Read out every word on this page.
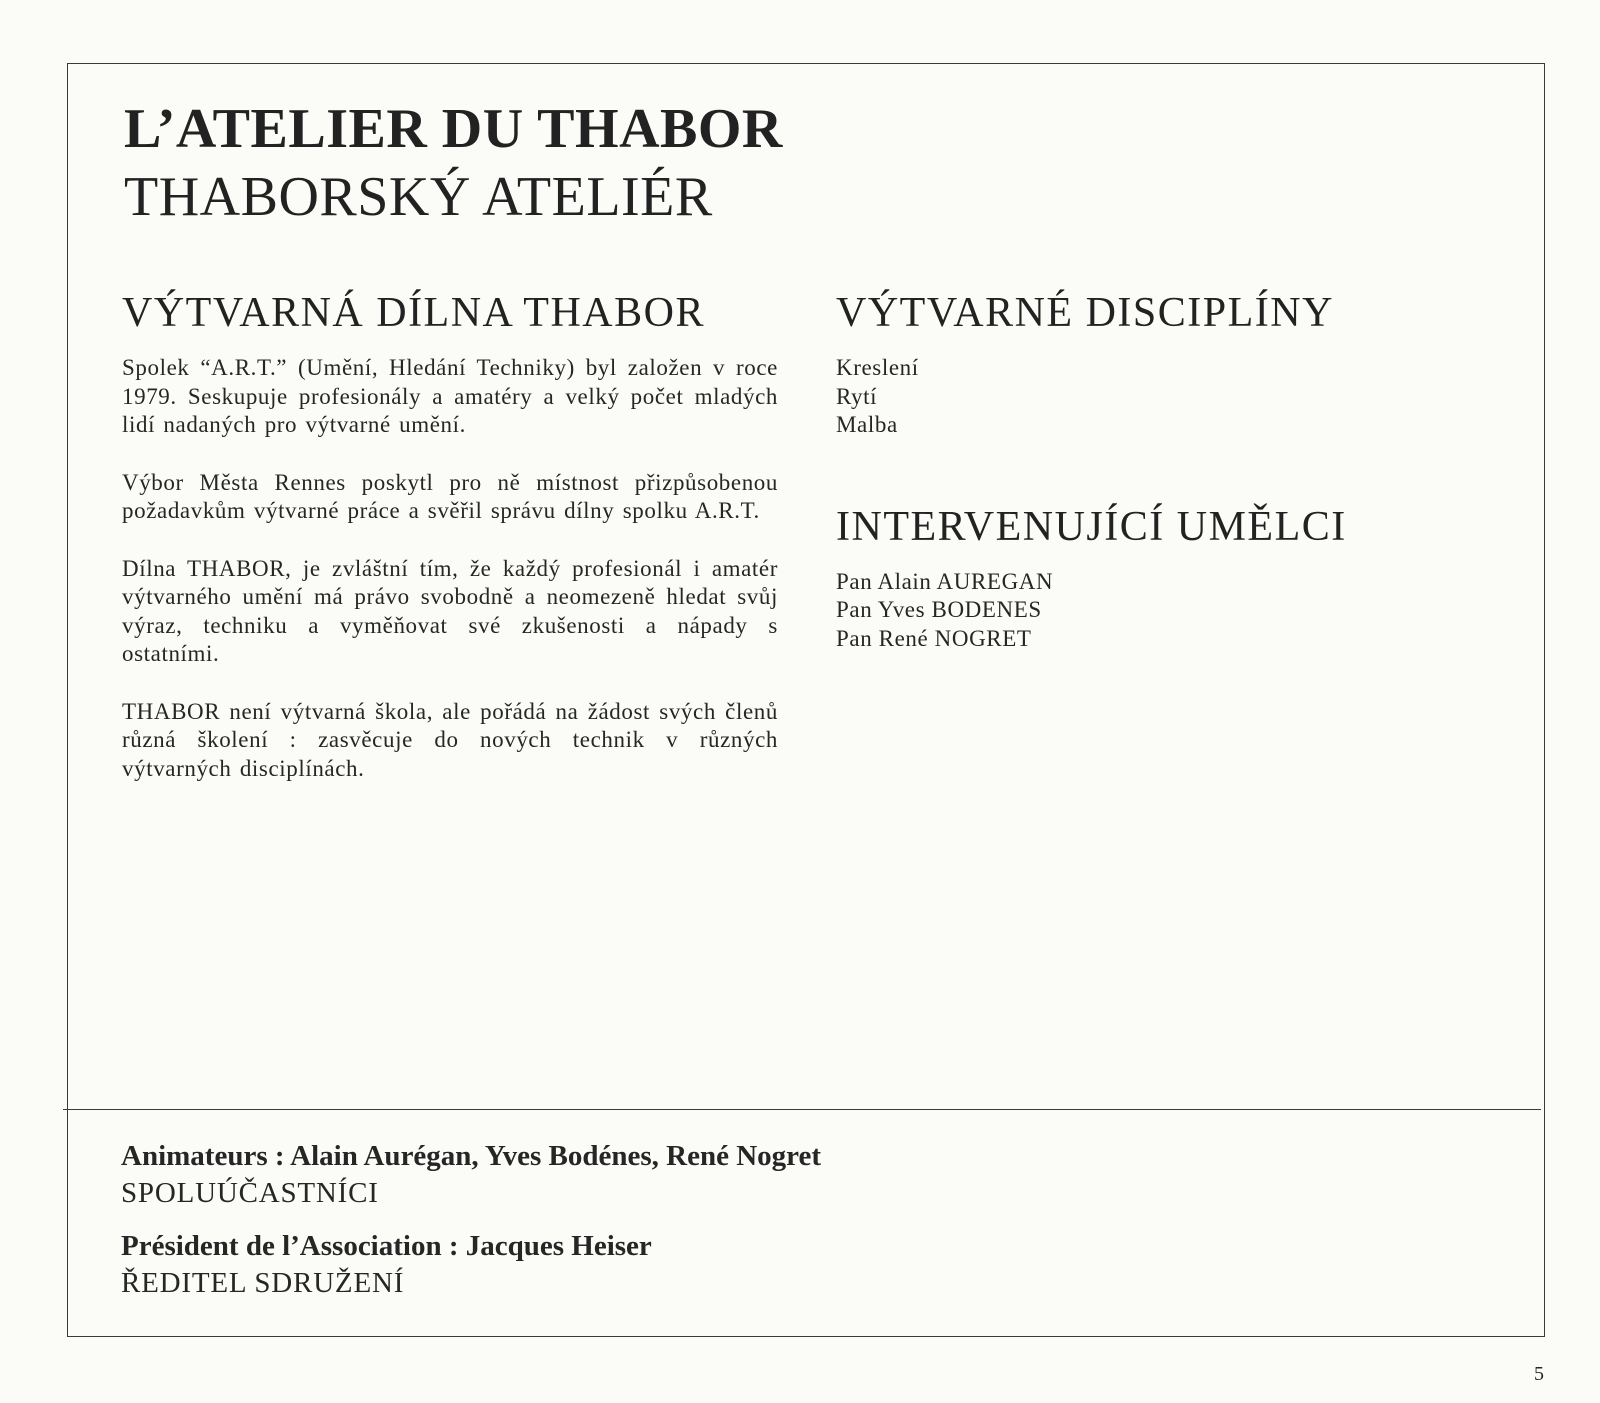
L’ATELIER DU THABOR
THABORSKÝ ATELIÉR
VÝTVARNÁ DÍLNA THABOR

Spolek “A.R.T.” (Umění, Hledání Techniky) byl založen v roce 1979. Seskupuje profesionály a amatéry a velký počet mladých lidí nadaných pro výtvarné umění.

Výbor Města Rennes poskytl pro ně místnost přizpůsobenou požadavkům výtvarné práce a svěřil správu dílny spolku A.R.T.

Dílna THABOR, je zvláštní tím, že každý profesionál i amatér výtvarného umění má právo svobodně a neomezeně hledat svůj výraz, techniku a vyměňovat své zkušenosti a nápady s ostatními.

THABOR není výtvarná škola, ale pořádá na žádost svých členů různá školení : zasvěcuje do nových technik v různých výtvarných disciplínách.

VÝTVARNÉ DISCIPLÍNY
Kreslení
Rytí
Malba
INTERVENUJÍCÍ UMĚLCI
Pan Alain AUREGAN
Pan Yves BODENES
Pan René NOGRET
Animateurs : Alain Aurégan, Yves Bodénes, René Nogret
SPOLUÚČASTNÍCI
Président de l’Association : Jacques Heiser
ŘEDITEL SDRUŽENÍ
5
